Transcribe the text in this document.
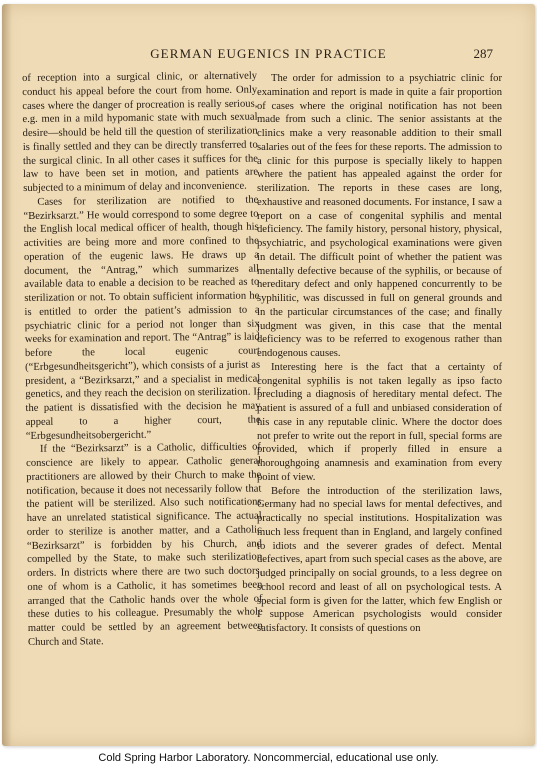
GERMAN EUGENICS IN PRACTICE	287

of reception into a surgical clinic, or alternatively conduct his appeal before the court from home. Only cases where the danger of procreation is really serious, e.g. men in a mild hypomanic state with much sexual desire—should be held till the question of sterilization is finally settled and they can be directly transferred to the surgical clinic. In all other cases it suffices for the law to have been set in motion, and patients are subjected to a minimum of delay and inconvenience.

Cases for sterilization are notified to the “Bezirksarzt.” He would correspond to some degree to the English local medical officer of health, though his activities are being more and more confined to the operation of the eugenic laws. He draws up a document, the “Antrag,” which summarizes all available data to enable a decision to be reached as to sterilization or not. To obtain sufficient information he is entitled to order the patient’s admission to a psychiatric clinic for a period not longer than six weeks for examination and report. The “Antrag” is laid before the local eugenic court (“Erbgesundheitsgericht”), which consists of a jurist as president, a “Bezirksarzt,” and a specialist in medical genetics, and they reach the decision on sterilization. If the patient is dissatisfied with the decision he may appeal to a higher court, the “Erbgesundheitsobergericht.”

If the “Bezirksarzt” is a Catholic, difficulties of conscience are likely to appear. Catholic general practitioners are allowed by their Church to make the notification, because it does not necessarily follow that the patient will be sterilized. Also such notifications have an unrelated statistical significance. The actual order to sterilize is another matter, and a Catholic “Bezirksarzt” is forbidden by his Church, and compelled by the State, to make such sterilization orders. In districts where there are two such doctors, one of whom is a Catholic, it has sometimes been arranged that the Catholic hands over the whole of these duties to his colleague. Presumably the whole matter could be settled by an agreement between Church and State.

The order for admission to a psychiatric clinic for examination and report is made in quite a fair proportion of cases where the original notification has not been made from such a clinic. The senior assistants at the clinics make a very reasonable addition to their small salaries out of the fees for these reports. The admission to a clinic for this purpose is specially likely to happen where the patient has appealed against the order for sterilization. The reports in these cases are long, exhaustive and reasoned documents. For instance, I saw a report on a case of congenital syphilis and mental deficiency. The family history, personal history, physical, psychiatric, and psychological examinations were given in detail. The difficult point of whether the patient was mentally defective because of the syphilis, or because of hereditary defect and only happened concurrently to be syphilitic, was discussed in full on general grounds and in the particular circumstances of the case; and finally judgment was given, in this case that the mental deficiency was to be referred to exogenous rather than endogenous causes.

Interesting here is the fact that a certainty of congenital syphilis is not taken legally as ipso facto precluding a diagnosis of hereditary mental defect. The patient is assured of a full and unbiased consideration of his case in any reputable clinic. Where the doctor does not prefer to write out the report in full, special forms are provided, which if properly filled in ensure a thoroughgoing anamnesis and examination from every point of view.

Before the introduction of the sterilization laws, Germany had no special laws for mental defectives, and practically no special institutions. Hospitalization was much less frequent than in England, and largely confined to idiots and the severer grades of defect. Mental defectives, apart from such special cases as the above, are judged principally on social grounds, to a less degree on school record and least of all on psychological tests. A special form is given for the latter, which few English or I suppose American psychologists would consider satisfactory. It consists of questions on

Cold Spring Harbor Laboratory. Noncommercial, educational use only.
